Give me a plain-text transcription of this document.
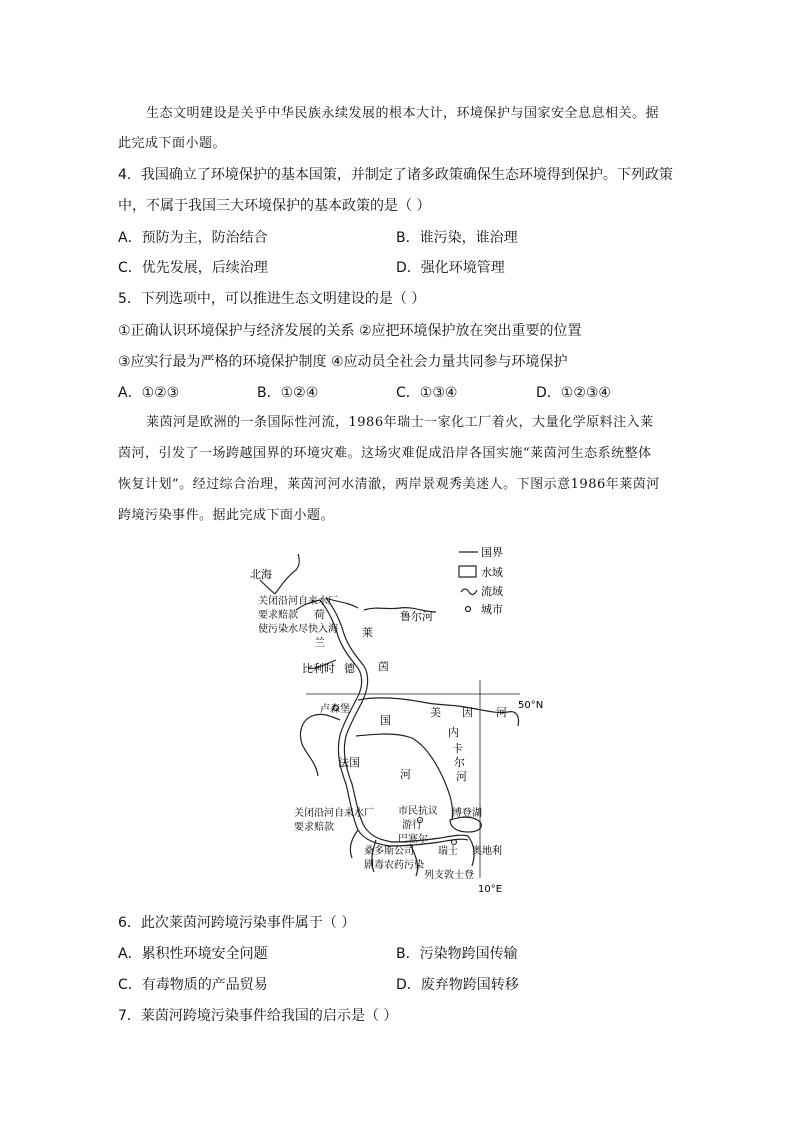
生态文明建设是关乎中华民族永续发展的根本大计，环境保护与国家安全息息相关。据
此完成下面小题。
4．我国确立了环境保护的基本国策，并制定了诸多政策确保生态环境得到保护。下列政策
中，不属于我国三大环境保护的基本政策的是（ ）
A．预防为主，防治结合	B．谁污染，谁治理
C．优先发展，后续治理	D．强化环境管理
5．下列选项中，可以推进生态文明建设的是（ ）
①正确认识环境保护与经济发展的关系 ②应把环境保护放在突出重要的位置
③应实行最为严格的环境保护制度 ④应动员全社会力量共同参与环境保护
A．①②③	B．①②④	C．①③④	D．①②③④
莱茵河是欧洲的一条国际性河流，1986年瑞士一家化工厂着火，大量化学原料注入莱
茵河，引发了一场跨越国界的环境灾难。这场灾难促成沿岸各国实施“莱茵河生态系统整体
恢复计划”。经过综合治理，莱茵河河水清澈，两岸景观秀美迷人。下图示意1986年莱茵河
跨境污染事件。据此完成下面小题。
国界
水域
流域
城市
北海
关闭沿河自来水厂
要求赔款
使污染水尽快入海
荷
兰
鲁尔河
莱
比利时 德 茵
卢森堡
国
美 因 河
50°N
内
卡
尔
河
法国
河
关闭沿河自来水厂
要求赔款
市民抗议
游行
巴塞尔
博登湖
桑多斯公司
剧毒农药污染
瑞士 奥地利
列支敦士登
10°E
6．此次莱茵河跨境污染事件属于（ ）
A．累积性环境安全问题	B．污染物跨国传输
C．有毒物质的产品贸易	D．废弃物跨国转移
7．莱茵河跨境污染事件给我国的启示是（ ）
